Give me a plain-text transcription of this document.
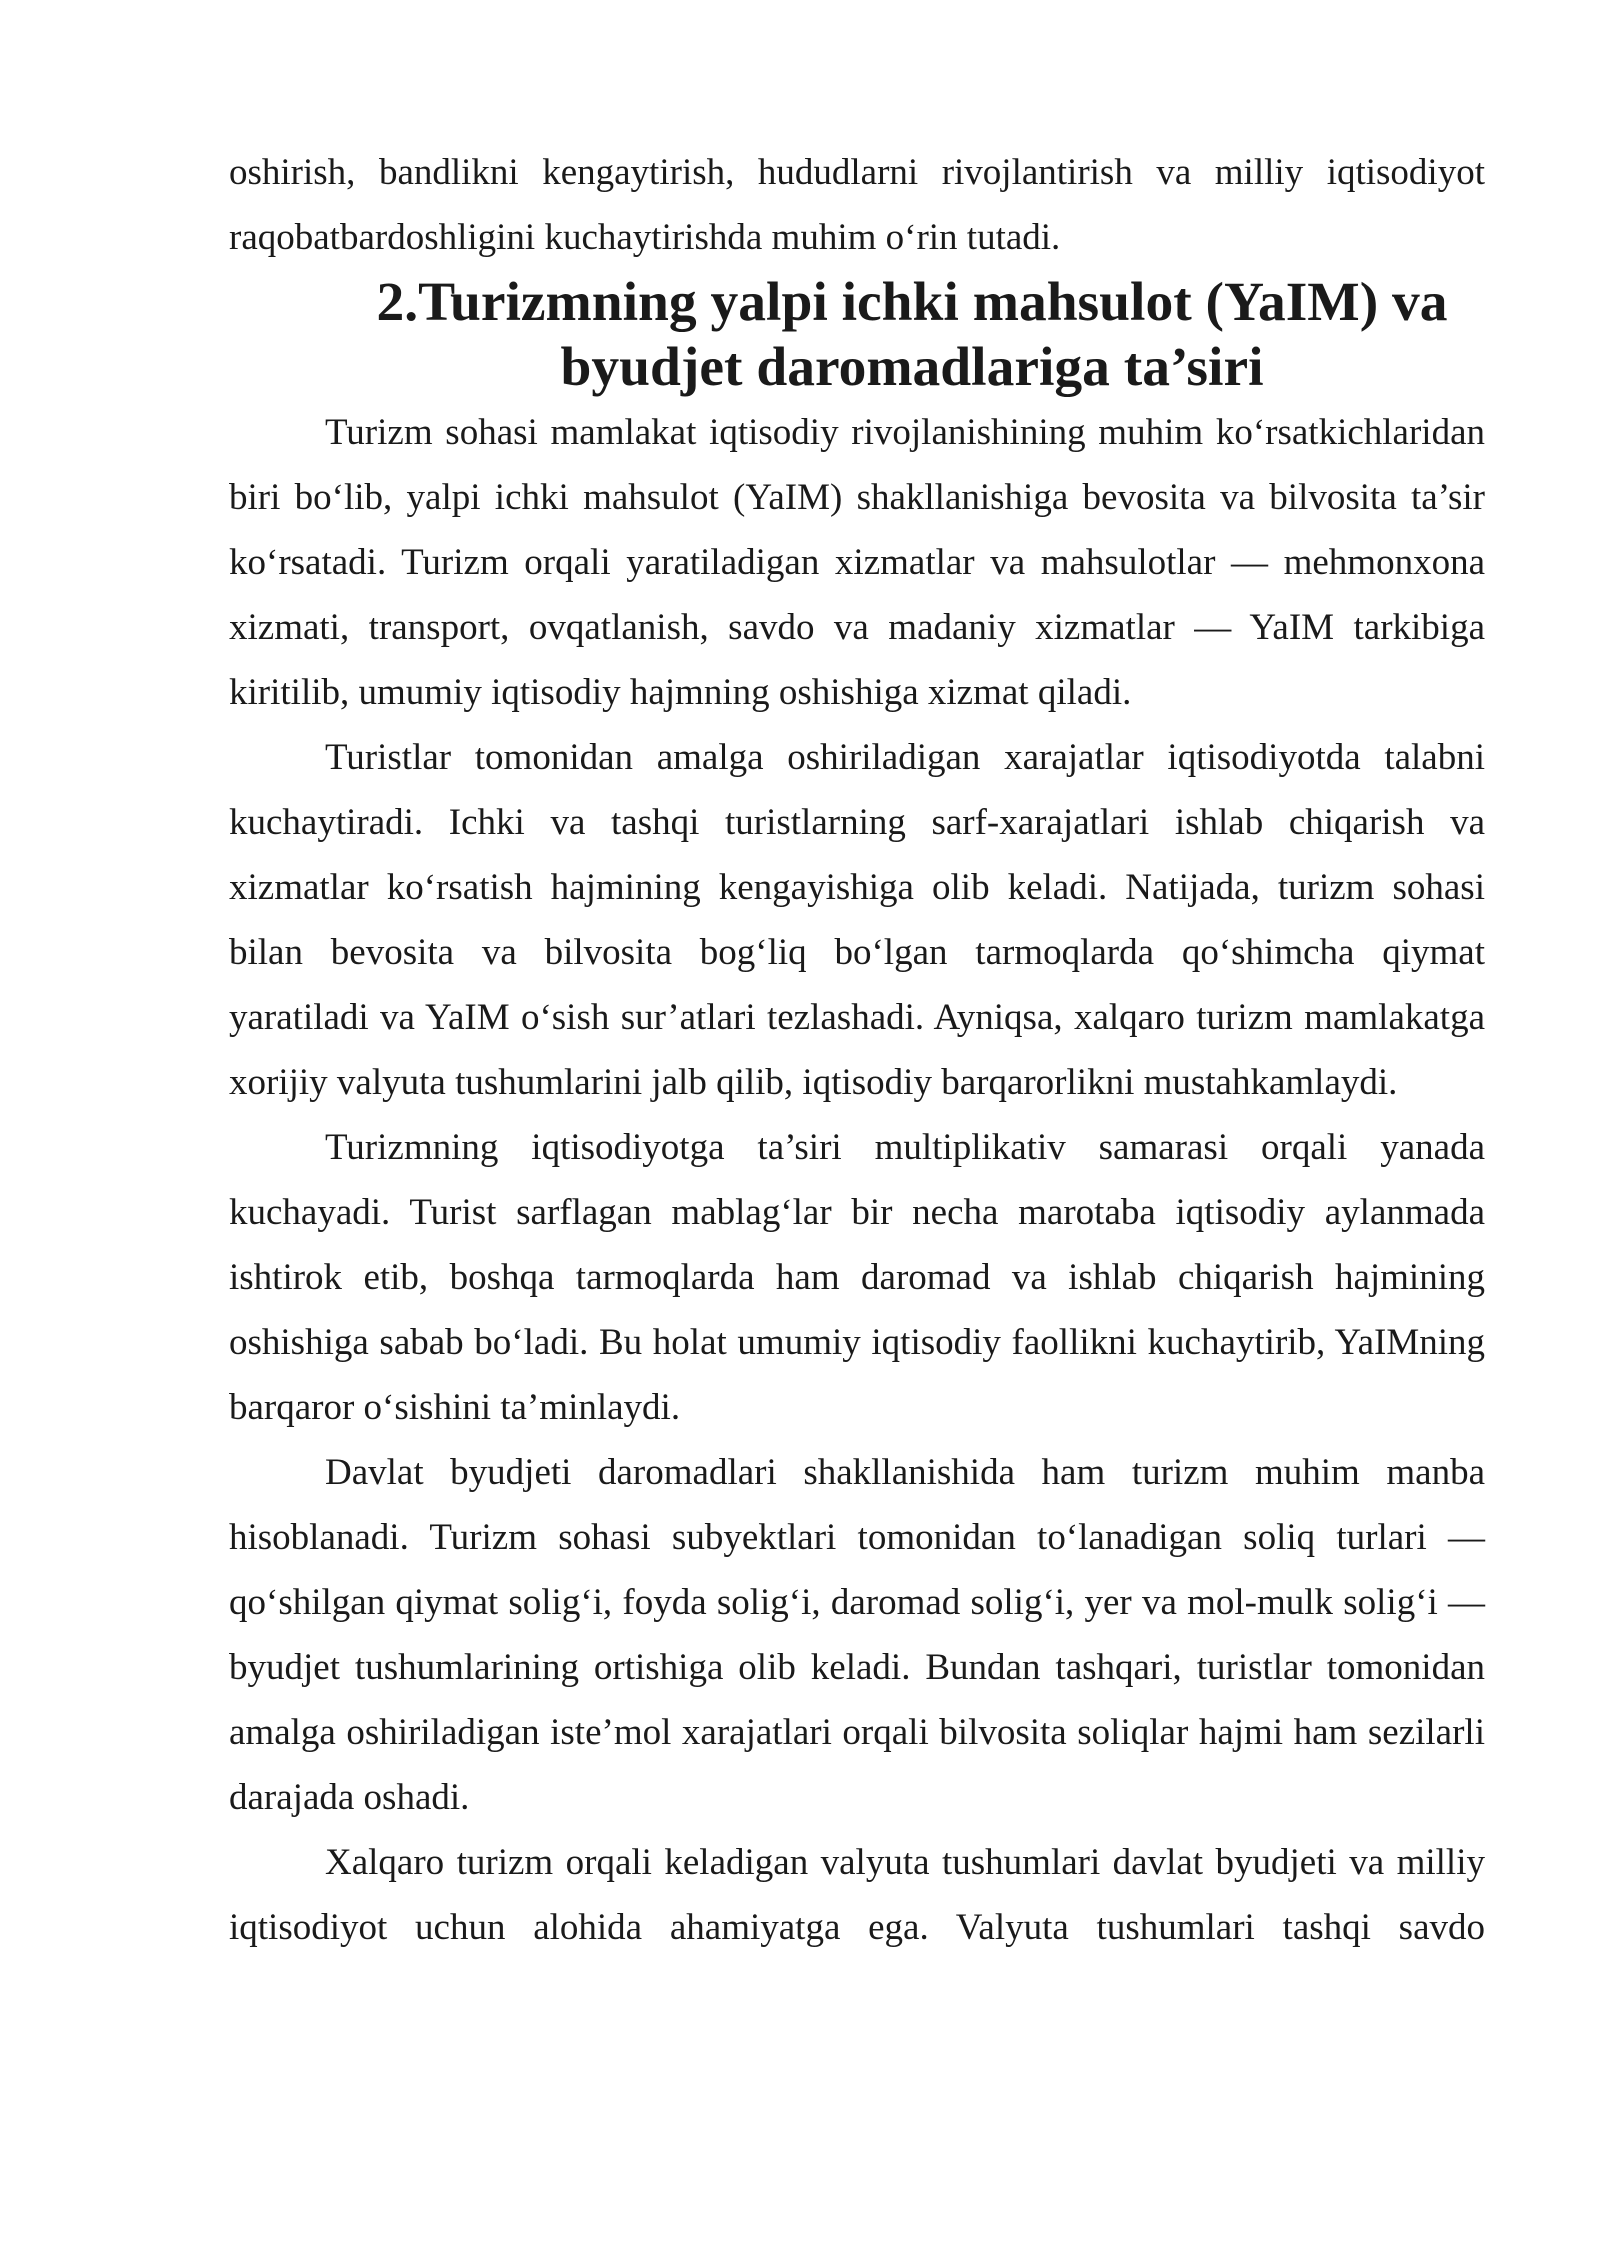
oshirish, bandlikni kengaytirish, hududlarni rivojlantirish va milliy iqtisodiyot raqobatbardoshligini kuchaytirishda muhim o‘rin tutadi.

2.Turizmning yalpi ichki mahsulot (YaIM) va byudjet daromadlariga ta’siri

Turizm sohasi mamlakat iqtisodiy rivojlanishining muhim ko‘rsatkichlaridan biri bo‘lib, yalpi ichki mahsulot (YaIM) shakllanishiga bevosita va bilvosita ta’sir ko‘rsatadi. Turizm orqali yaratiladigan xizmatlar va mahsulotlar — mehmonxona xizmati, transport, ovqatlanish, savdo va madaniy xizmatlar — YaIM tarkibiga kiritilib, umumiy iqtisodiy hajmning oshishiga xizmat qiladi.

Turistlar tomonidan amalga oshiriladigan xarajatlar iqtisodiyotda talabni kuchaytiradi. Ichki va tashqi turistlarning sarf-xarajatlari ishlab chiqarish va xizmatlar ko‘rsatish hajmining kengayishiga olib keladi. Natijada, turizm sohasi bilan bevosita va bilvosita bog‘liq bo‘lgan tarmoqlarda qo‘shimcha qiymat yaratiladi va YaIM o‘sish sur’atlari tezlashadi. Ayniqsa, xalqaro turizm mamlakatga xorijiy valyuta tushumlarini jalb qilib, iqtisodiy barqarorlikni mustahkamlaydi.

Turizmning iqtisodiyotga ta’siri multiplikativ samarasi orqali yanada kuchayadi. Turist sarflagan mablag‘lar bir necha marotaba iqtisodiy aylanmada ishtirok etib, boshqa tarmoqlarda ham daromad va ishlab chiqarish hajmining oshishiga sabab bo‘ladi. Bu holat umumiy iqtisodiy faollikni kuchaytirib, YaIMning barqaror o‘sishini ta’minlaydi.

Davlat byudjeti daromadlari shakllanishida ham turizm muhim manba hisoblanadi. Turizm sohasi subyektlari tomonidan to‘lanadigan soliq turlari — qo‘shilgan qiymat solig‘i, foyda solig‘i, daromad solig‘i, yer va mol-mulk solig‘i — byudjet tushumlarining ortishiga olib keladi. Bundan tashqari, turistlar tomonidan amalga oshiriladigan iste’mol xarajatlari orqali bilvosita soliqlar hajmi ham sezilarli darajada oshadi.

Xalqaro turizm orqali keladigan valyuta tushumlari davlat byudjeti va milliy iqtisodiyot uchun alohida ahamiyatga ega. Valyuta tushumlari tashqi savdo
